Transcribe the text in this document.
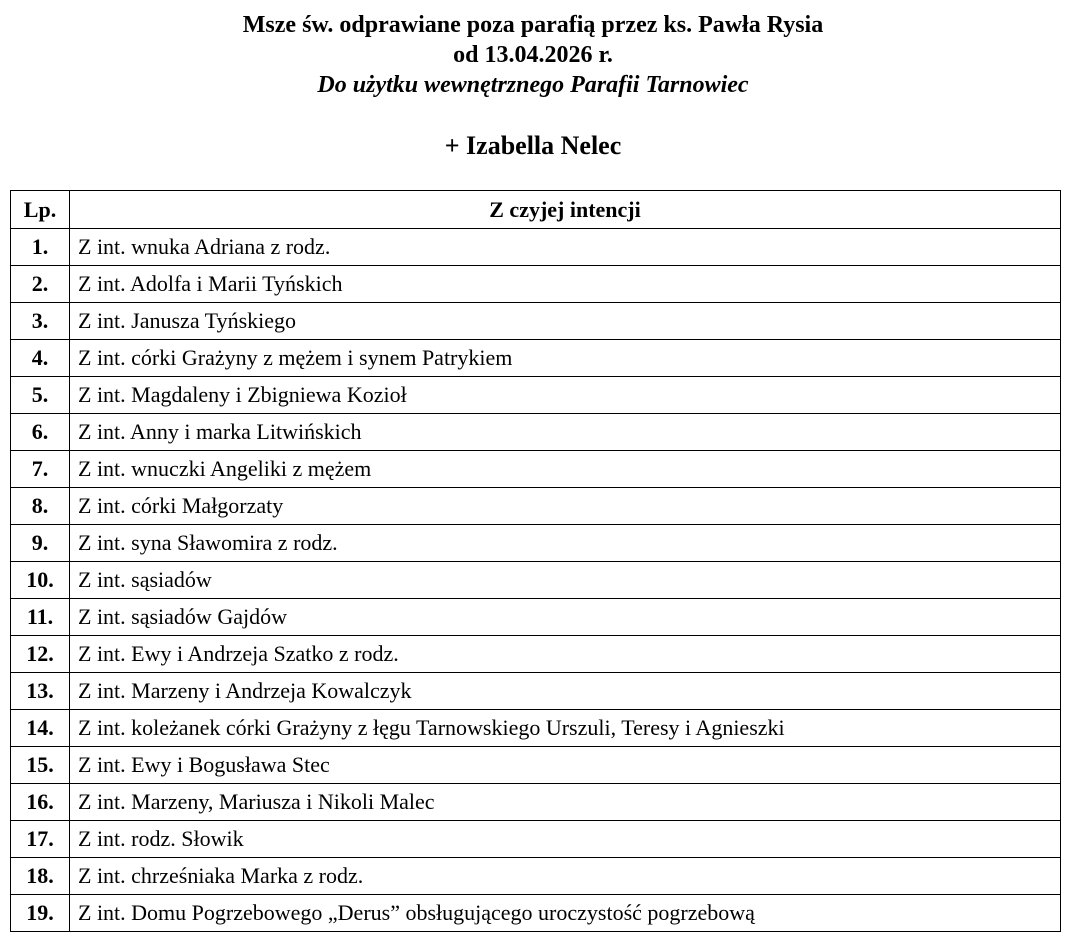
Msze św. odprawiane poza parafią przez ks. Pawła Rysia
od 13.04.2026 r.
Do użytku wewnętrznego Parafii Tarnowiec
+ Izabella Nelec
Lp.	Z czyjej intencji
1.	Z int. wnuka Adriana z rodz.
2.	Z int. Adolfa i Marii Tyńskich
3.	Z int. Janusza Tyńskiego
4.	Z int. córki Grażyny z mężem i synem Patrykiem
5.	Z int. Magdaleny i Zbigniewa Kozioł
6.	Z int. Anny i marka Litwińskich
7.	Z int. wnuczki Angeliki z mężem
8.	Z int. córki Małgorzaty
9.	Z int. syna Sławomira z rodz.
10.	Z int. sąsiadów
11.	Z int. sąsiadów Gajdów
12.	Z int. Ewy i Andrzeja Szatko z rodz.
13.	Z int. Marzeny i Andrzeja Kowalczyk
14.	Z int. koleżanek córki Grażyny z łęgu Tarnowskiego Urszuli, Teresy i Agnieszki
15.	Z int. Ewy i Bogusława Stec
16.	Z int. Marzeny, Mariusza i Nikoli Malec
17.	Z int. rodz. Słowik
18.	Z int. chrześniaka Marka z rodz.
19.	Z int. Domu Pogrzebowego „Derus” obsługującego uroczystość pogrzebową
